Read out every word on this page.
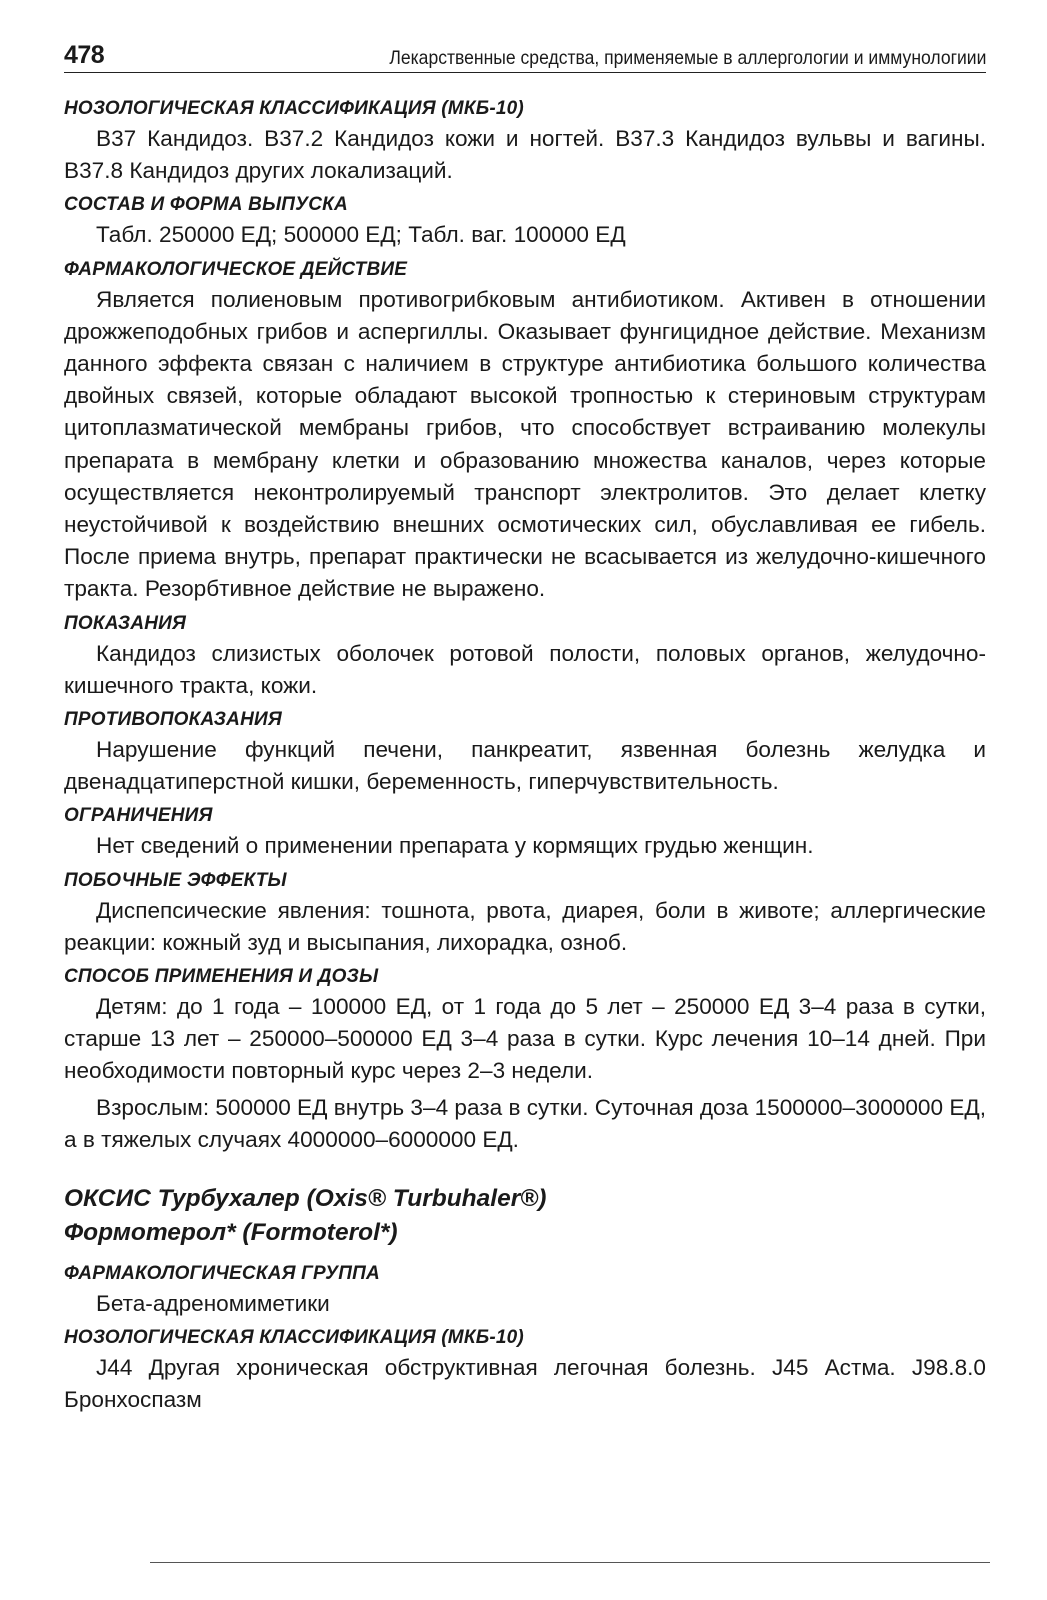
478	Лекарственные средства, применяемые в аллергологии и иммунологиии
НОЗОЛОГИЧЕСКАЯ КЛАССИФИКАЦИЯ (МКБ-10)

В37 Кандидоз. В37.2 Кандидоз кожи и ногтей. В37.3 Кандидоз вульвы и вагины. В37.8 Кандидоз других локализаций.

СОСТАВ И ФОРМА ВЫПУСКА

Табл. 250000 ЕД; 500000 ЕД; Табл. ваг. 100000 ЕД

ФАРМАКОЛОГИЧЕСКОЕ ДЕЙСТВИЕ

Является полиеновым противогрибковым антибиотиком. Активен в отношении дрожжеподобных грибов и аспергиллы. Оказывает фунгицидное действие. Механизм данного эффекта связан с наличием в структуре антибиотика большого количества двойных связей, которые обладают высокой тропностью к стериновым структурам цитоплазматической мембраны грибов, что способствует встраиванию молекулы препарата в мембрану клетки и образованию множества каналов, через которые осуществляется неконтролируемый транспорт электролитов. Это делает клетку неустойчивой к воздействию внешних осмотических сил, обуславливая ее гибель. После приема внутрь, препарат практически не всасывается из желудочно-кишечного тракта. Резорбтивное действие не выражено.

ПОКАЗАНИЯ

Кандидоз слизистых оболочек ротовой полости, половых органов, желудочно-кишечного тракта, кожи.

ПРОТИВОПОКАЗАНИЯ

Нарушение функций печени, панкреатит, язвенная болезнь желудка и двенадцатиперстной кишки, беременность, гиперчувствительность.

ОГРАНИЧЕНИЯ

Нет сведений о применении препарата у кормящих грудью женщин.

ПОБОЧНЫЕ ЭФФЕКТЫ

Диспепсические явления: тошнота, рвота, диарея, боли в животе; аллергические реакции: кожный зуд и высыпания, лихорадка, озноб.

СПОСОБ ПРИМЕНЕНИЯ И ДОЗЫ

Детям: до 1 года – 100000 ЕД, от 1 года до 5 лет – 250000 ЕД 3–4 раза в сутки, старше 13 лет – 250000–500000 ЕД 3–4 раза в сутки. Курс лечения 10–14 дней. При необходимости повторный курс через 2–3 недели.

Взрослым: 500000 ЕД внутрь 3–4 раза в сутки. Суточная доза 1500000–3000000 ЕД, а в тяжелых случаях 4000000–6000000 ЕД.

ОКСИС Турбухалер (Oxis® Turbuhaler®)
Формотерол* (Formoterol*)
ФАРМАКОЛОГИЧЕСКАЯ ГРУППА

Бета-адреномиметики

НОЗОЛОГИЧЕСКАЯ КЛАССИФИКАЦИЯ (МКБ-10)

J44 Другая хроническая обструктивная легочная болезнь. J45 Астма. J98.8.0 Бронхоспазм
